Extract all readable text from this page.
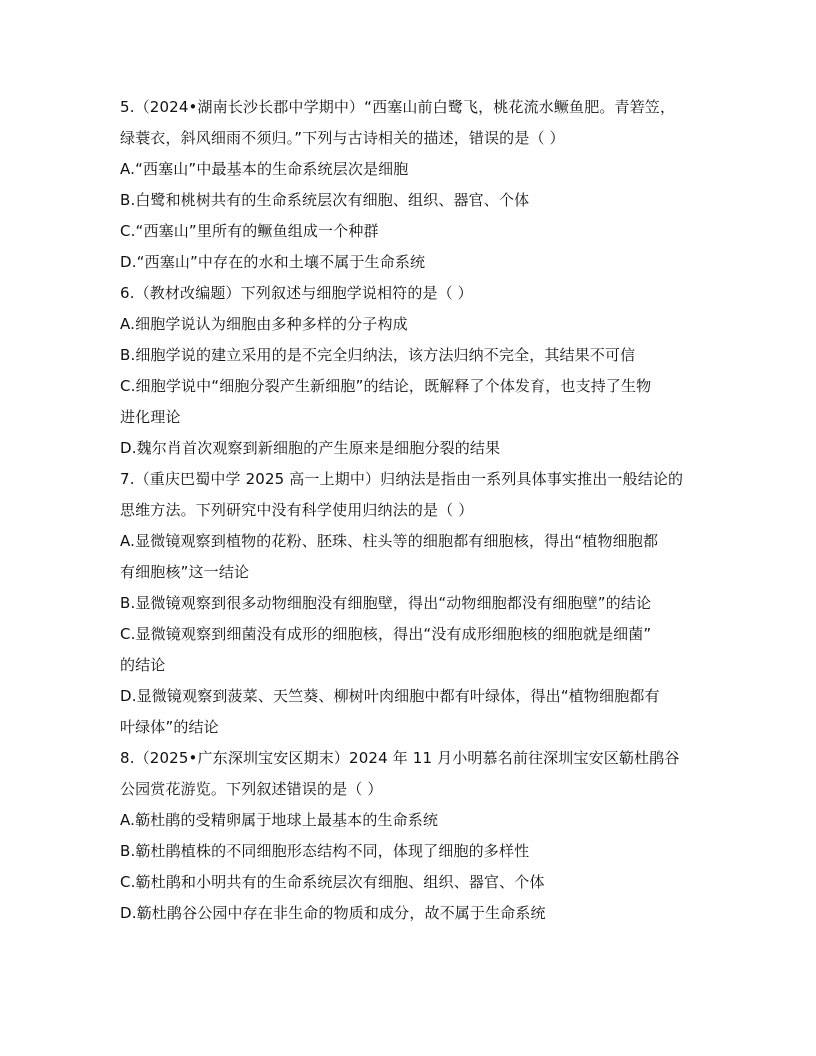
5.（2024•湖南长沙长郡中学期中）“西塞山前白鹭飞，桃花流水鳜鱼肥。青箬笠，
绿蓑衣，斜风细雨不须归。”下列与古诗相关的描述，错误的是（ ）
A.“西塞山”中最基本的生命系统层次是细胞
B.白鹭和桃树共有的生命系统层次有细胞、组织、器官、个体
C.“西塞山”里所有的鳜鱼组成一个种群
D.“西塞山”中存在的水和土壤不属于生命系统
6.（教材改编题）下列叙述与细胞学说相符的是（ ）
A.细胞学说认为细胞由多种多样的分子构成
B.细胞学说的建立采用的是不完全归纳法，该方法归纳不完全，其结果不可信
C.细胞学说中“细胞分裂产生新细胞”的结论，既解释了个体发育，也支持了生物
进化理论
D.魏尔肖首次观察到新细胞的产生原来是细胞分裂的结果
7.（重庆巴蜀中学 2025 高一上期中）归纳法是指由一系列具体事实推出一般结论的
思维方法。下列研究中没有科学使用归纳法的是（ ）
A.显微镜观察到植物的花粉、胚珠、柱头等的细胞都有细胞核，得出“植物细胞都
有细胞核”这一结论
B.显微镜观察到很多动物细胞没有细胞壁，得出“动物细胞都没有细胞壁”的结论
C.显微镜观察到细菌没有成形的细胞核，得出“没有成形细胞核的细胞就是细菌”
的结论
D.显微镜观察到菠菜、天竺葵、柳树叶肉细胞中都有叶绿体，得出“植物细胞都有
叶绿体”的结论
8.（2025•广东深圳宝安区期末）2024 年 11 月小明慕名前往深圳宝安区簕杜鹃谷
公园赏花游览。下列叙述错误的是（ ）
A.簕杜鹃的受精卵属于地球上最基本的生命系统
B.簕杜鹃植株的不同细胞形态结构不同，体现了细胞的多样性
C.簕杜鹃和小明共有的生命系统层次有细胞、组织、器官、个体
D.簕杜鹃谷公园中存在非生命的物质和成分，故不属于生命系统
